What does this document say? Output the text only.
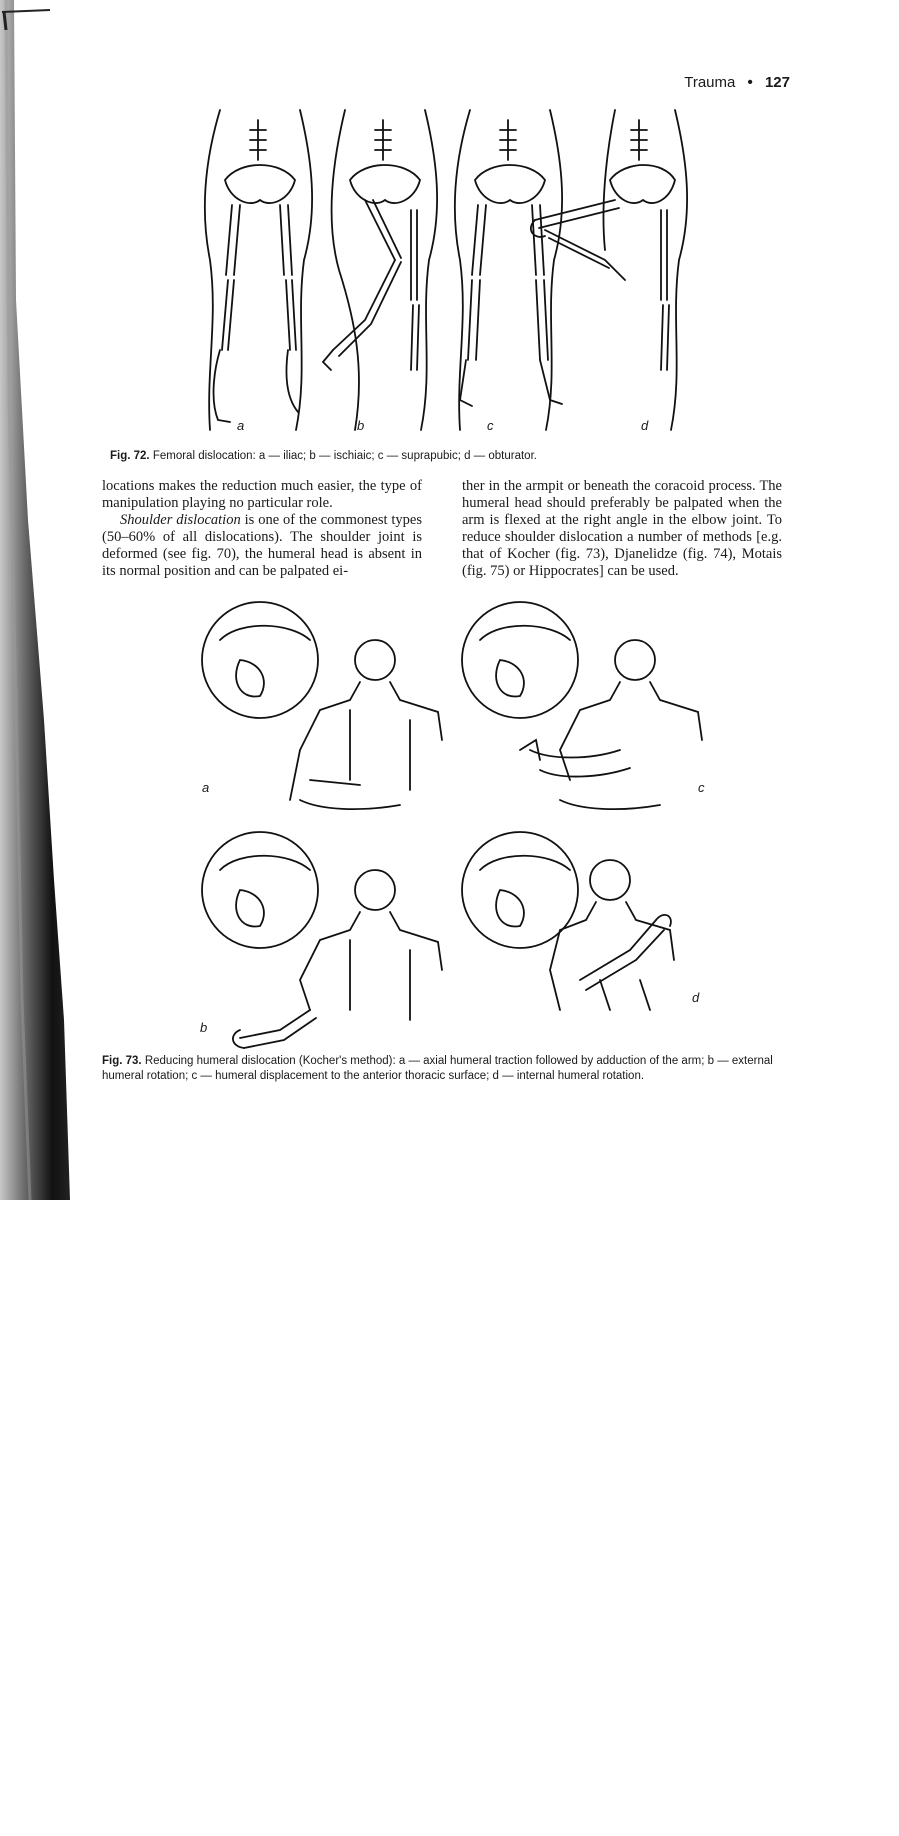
Trauma • 127
a	b	c	d
Fig. 72. Femoral dislocation: a — iliac; b — ischiaic; c — suprapubic; d — obturator.

locations makes the reduction much easier, the type of manipulation playing no particular role.

Shoulder dislocation is one of the commonest types (50–60% of all dislocations). The shoulder joint is deformed (see fig. 70), the humeral head is absent in its normal position and can be palpated ei-

ther in the armpit or beneath the coracoid process. The humeral head should preferably be palpated when the arm is flexed at the right angle in the elbow joint. To reduce shoulder dislocation a number of methods [e.g. that of Kocher (fig. 73), Djanelidze (fig. 74), Motais (fig. 75) or Hippocrates] can be used.

a
b
c
d
Fig. 73. Reducing humeral dislocation (Kocher's method): a — axial humeral traction followed by adduction of the arm; b — external humeral rotation; c — humeral displacement to the anterior thoracic surface; d — internal humeral rotation.
